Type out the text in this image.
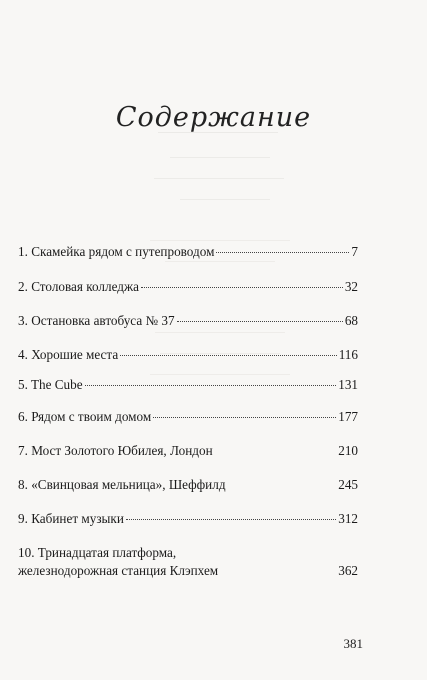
Содержание
1. Скамейка рядом с путепроводом	7
2. Столовая колледжа	32
3. Остановка автобуса № 37	68
4. Хорошие места	116
5. The Cube	131
6. Рядом с твоим домом	177
7. Мост Золотого Юбилея, Лондон	210
8. «Свинцовая мельница», Шеффилд	245
9. Кабинет музыки	312
10. Тринадцатая платформа,
железнодорожная станция Клэпхем	362
381
